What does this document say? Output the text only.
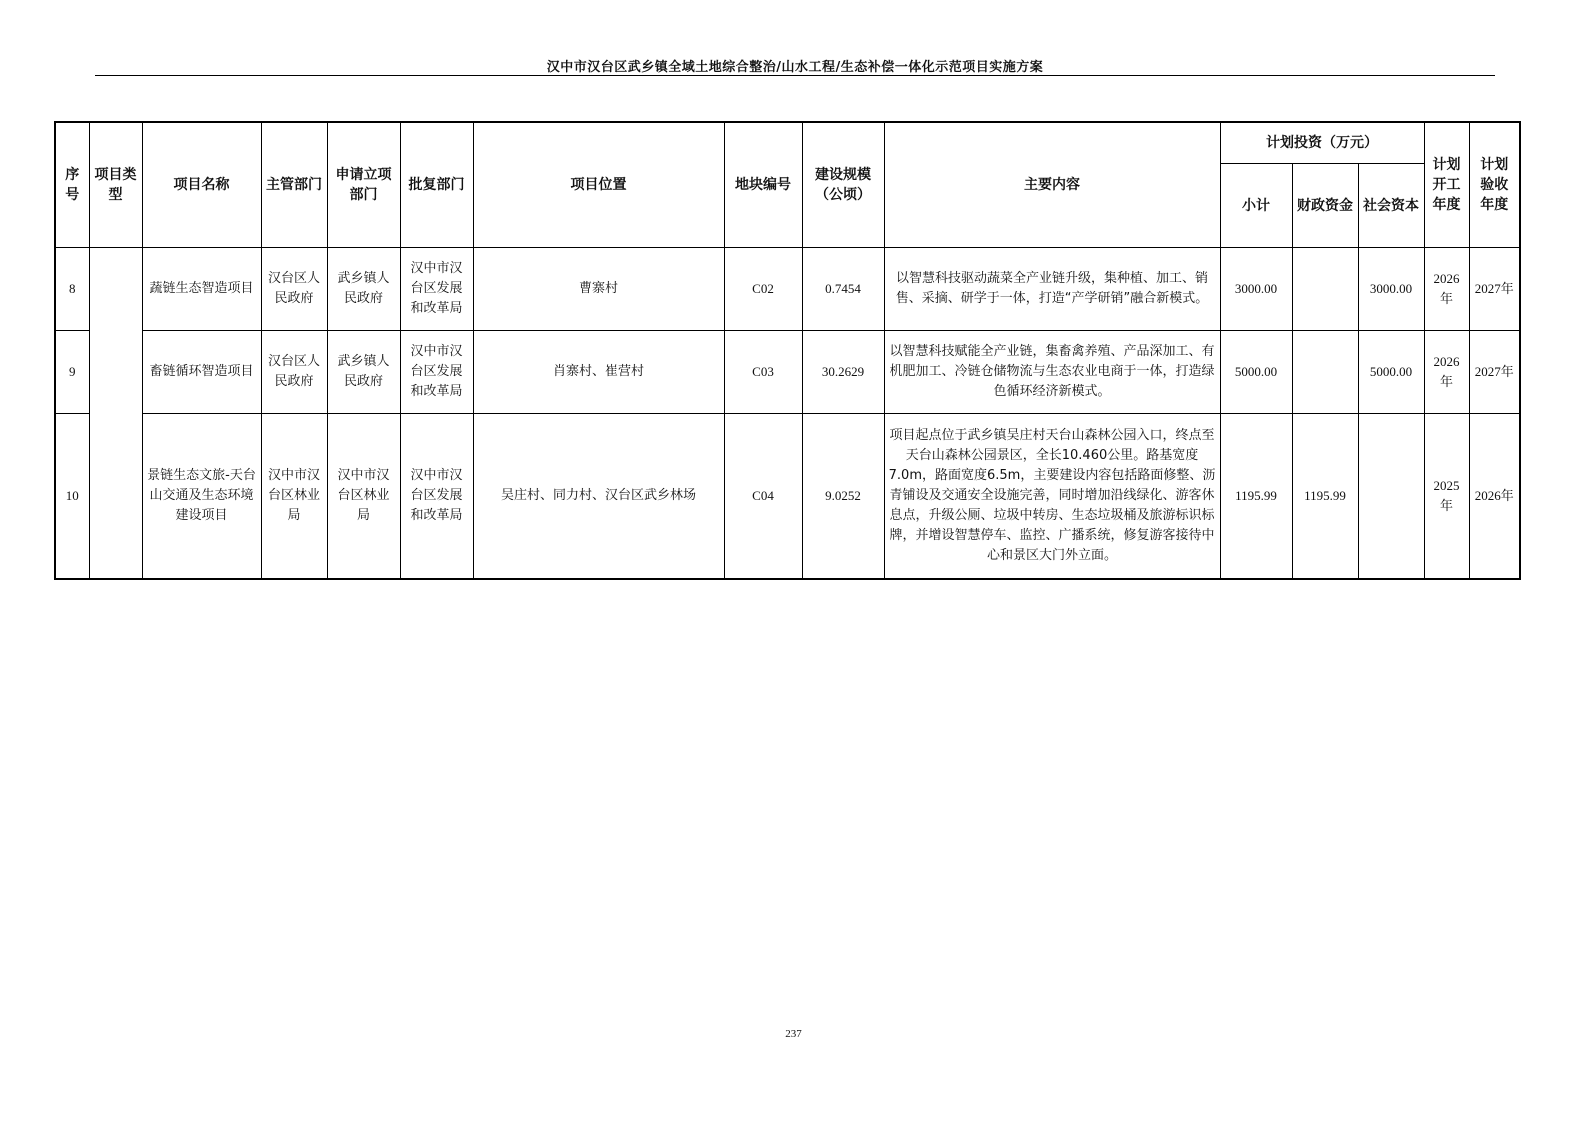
汉中市汉台区武乡镇全域土地综合整治/山水工程/生态补偿一体化示范项目实施方案
序号	项目类型	项目名称	主管部门	申请立项部门	批复部门	项目位置	地块编号	建设规模（公顷）	主要内容	计划投资（万元）			计划开工年度	计划验收年度
										小计	财政资金	社会资本		
8		蔬链生态智造项目	汉台区人民政府	武乡镇人民政府	汉中市汉台区发展和改革局	曹寨村	C02	0.7454	以智慧科技驱动蔬菜全产业链升级，集种植、加工、销售、采摘、研学于一体，打造“产学研销”融合新模式。	3000.00		3000.00	2026年	2027年
9		畜链循环智造项目	汉台区人民政府	武乡镇人民政府	汉中市汉台区发展和改革局	肖寨村、崔营村	C03	30.2629	以智慧科技赋能全产业链，集畜禽养殖、产品深加工、有机肥加工、冷链仓储物流与生态农业电商于一体，打造绿色循环经济新模式。	5000.00		5000.00	2026年	2027年
10		景链生态文旅-天台山交通及生态环境建设项目	汉中市汉台区林业局	汉中市汉台区林业局	汉中市汉台区发展和改革局	吴庄村、同力村、汉台区武乡林场	C04	9.0252	项目起点位于武乡镇吴庄村天台山森林公园入口，终点至天台山森林公园景区，全长10.460公里。路基宽度7.0m，路面宽度6.5m，主要建设内容包括路面修整、沥青铺设及交通安全设施完善，同时增加沿线绿化、游客休息点，升级公厕、垃圾中转房、生态垃圾桶及旅游标识标牌，并增设智慧停车、监控、广播系统，修复游客接待中心和景区大门外立面。	1195.99	1195.99		2025年	2026年
237
